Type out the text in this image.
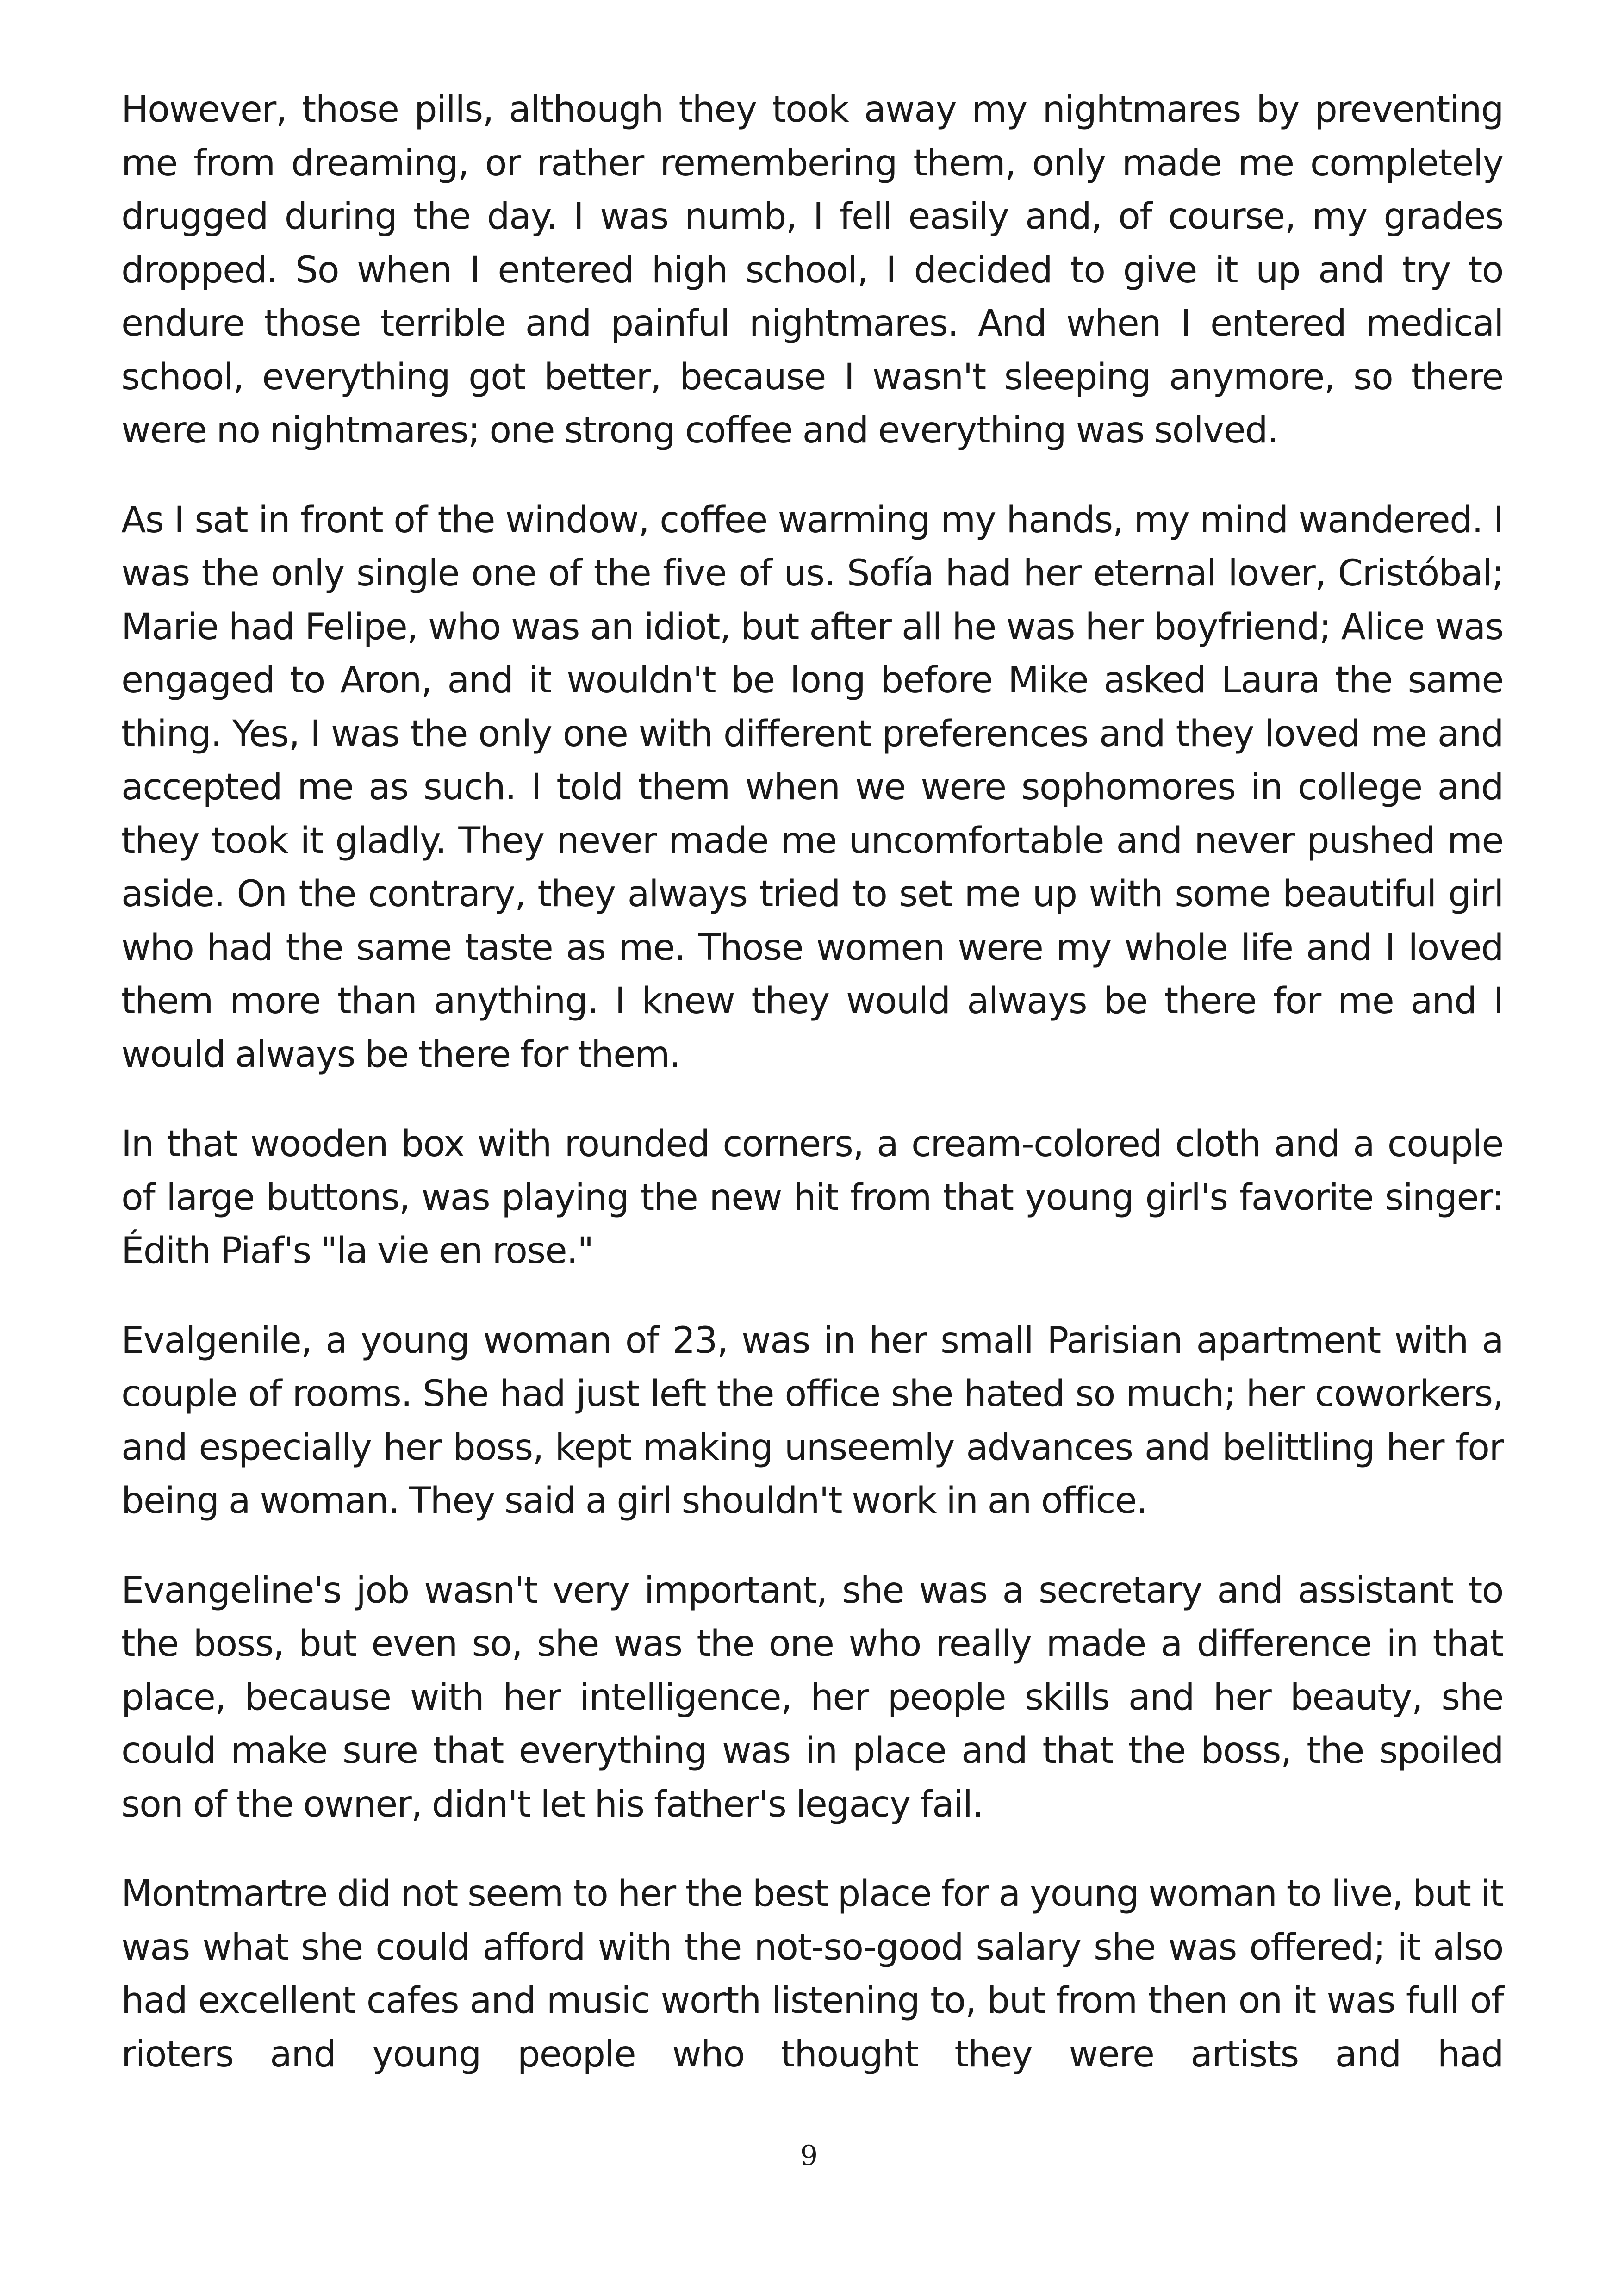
However, those pills, although they took away my nightmares by preventing me from dreaming, or rather remembering them, only made me completely drugged during the day. I was numb, I fell easily and, of course, my grades dropped. So when I entered high school, I decided to give it up and try to endure those terrible and painful nightmares. And when I entered medical school, everything got better, because I wasn't sleeping anymore, so there were no nightmares; one strong coffee and everything was solved.

As I sat in front of the window, coffee warming my hands, my mind wandered. I was the only single one of the five of us. Sofía had her eternal lover, Cristóbal; Marie had Felipe, who was an idiot, but after all he was her boyfriend; Alice was engaged to Aron, and it wouldn't be long before Mike asked Laura the same thing. Yes, I was the only one with different preferences and they loved me and accepted me as such. I told them when we were sophomores in college and they took it gladly. They never made me uncomfortable and never pushed me aside. On the contrary, they always tried to set me up with some beautiful girl who had the same taste as me. Those women were my whole life and I loved them more than anything. I knew they would always be there for me and I would always be there for them.

In that wooden box with rounded corners, a cream-colored cloth and a couple of large buttons, was playing the new hit from that young girl's favorite singer: Édith Piaf's "la vie en rose."

Evalgenile, a young woman of 23, was in her small Parisian apartment with a couple of rooms. She had just left the office she hated so much; her coworkers, and especially her boss, kept making unseemly advances and belittling her for being a woman. They said a girl shouldn't work in an office.

Evangeline's job wasn't very important, she was a secretary and assistant to the boss, but even so, she was the one who really made a difference in that place, because with her intelligence, her people skills and her beauty, she could make sure that everything was in place and that the boss, the spoiled son of the owner, didn't let his father's legacy fail.

Montmartre did not seem to her the best place for a young woman to live, but it was what she could afford with the not-so-good salary she was offered; it also had excellent cafes and music worth listening to, but from then on it was full of rioters and young people who thought they were artists and had

9
